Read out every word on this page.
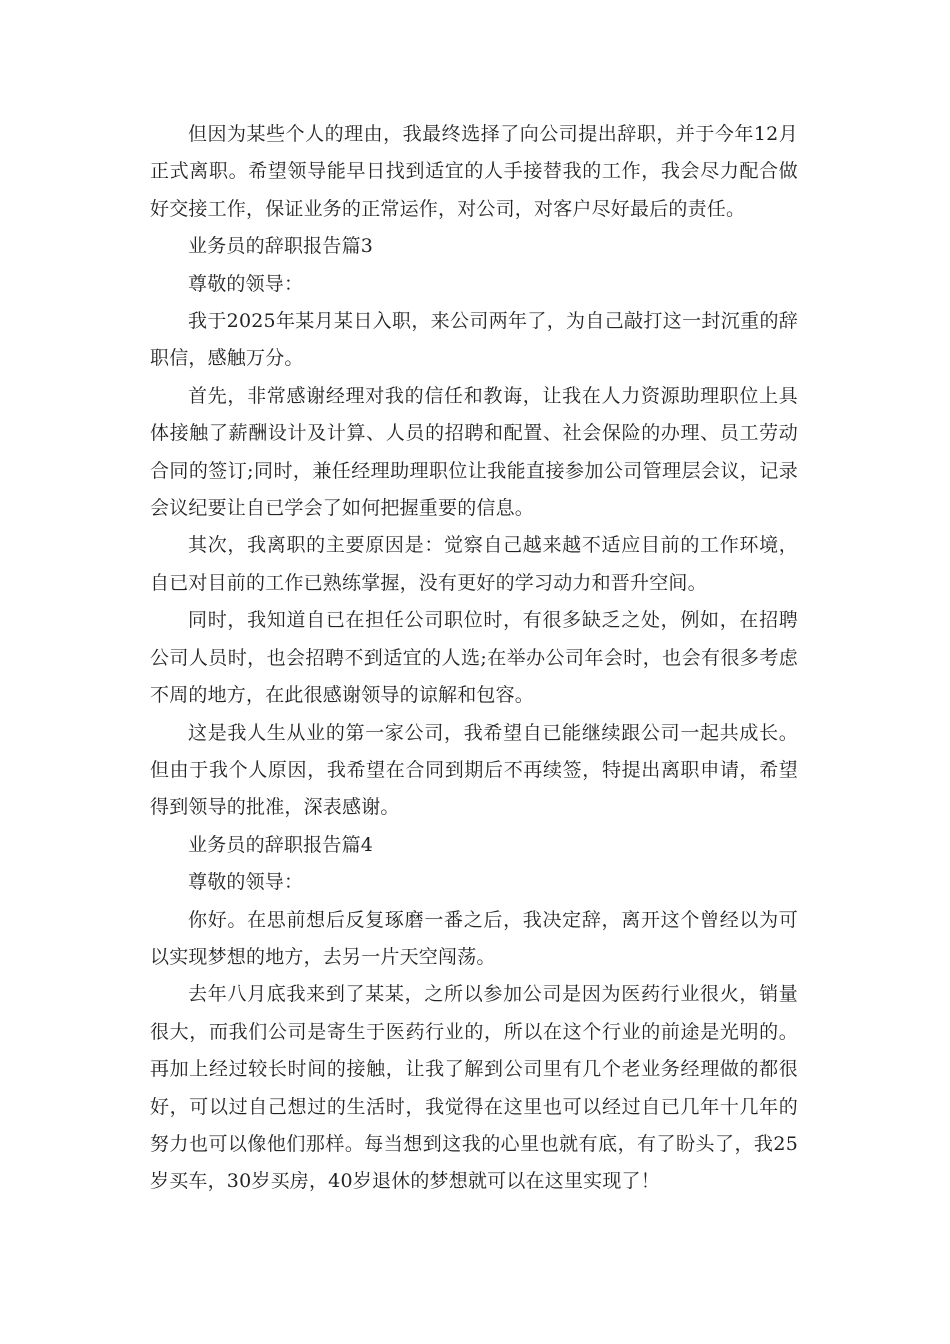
但因为某些个人的理由，我最终选择了向公司提出辞职，并于今年12月正式离职。希望领导能早日找到适宜的人手接替我的工作，我会尽力配合做好交接工作，保证业务的正常运作，对公司，对客户尽好最后的责任。

业务员的辞职报告篇3

尊敬的领导：

我于2025年某月某日入职，来公司两年了，为自己敲打这一封沉重的辞职信，感触万分。

首先，非常感谢经理对我的信任和教诲，让我在人力资源助理职位上具体接触了薪酬设计及计算、人员的招聘和配置、社会保险的办理、员工劳动合同的签订;同时，兼任经理助理职位让我能直接参加公司管理层会议，记录会议纪要让自已学会了如何把握重要的信息。

其次，我离职的主要原因是：觉察自己越来越不适应目前的工作环境，自已对目前的工作已熟练掌握，没有更好的学习动力和晋升空间。

同时，我知道自已在担任公司职位时，有很多缺乏之处，例如，在招聘公司人员时，也会招聘不到适宜的人选;在举办公司年会时，也会有很多考虑不周的地方，在此很感谢领导的谅解和包容。

这是我人生从业的第一家公司，我希望自已能继续跟公司一起共成长。但由于我个人原因，我希望在合同到期后不再续签，特提出离职申请，希望得到领导的批准，深表感谢。

业务员的辞职报告篇4

尊敬的领导：

你好。在思前想后反复琢磨一番之后，我决定辞，离开这个曾经以为可以实现梦想的地方，去另一片天空闯荡。

去年八月底我来到了某某，之所以参加公司是因为医药行业很火，销量很大，而我们公司是寄生于医药行业的，所以在这个行业的前途是光明的。再加上经过较长时间的接触，让我了解到公司里有几个老业务经理做的都很好，可以过自己想过的生活时，我觉得在这里也可以经过自已几年十几年的努力也可以像他们那样。每当想到这我的心里也就有底，有了盼头了，我25岁买车，30岁买房，40岁退休的梦想就可以在这里实现了！
